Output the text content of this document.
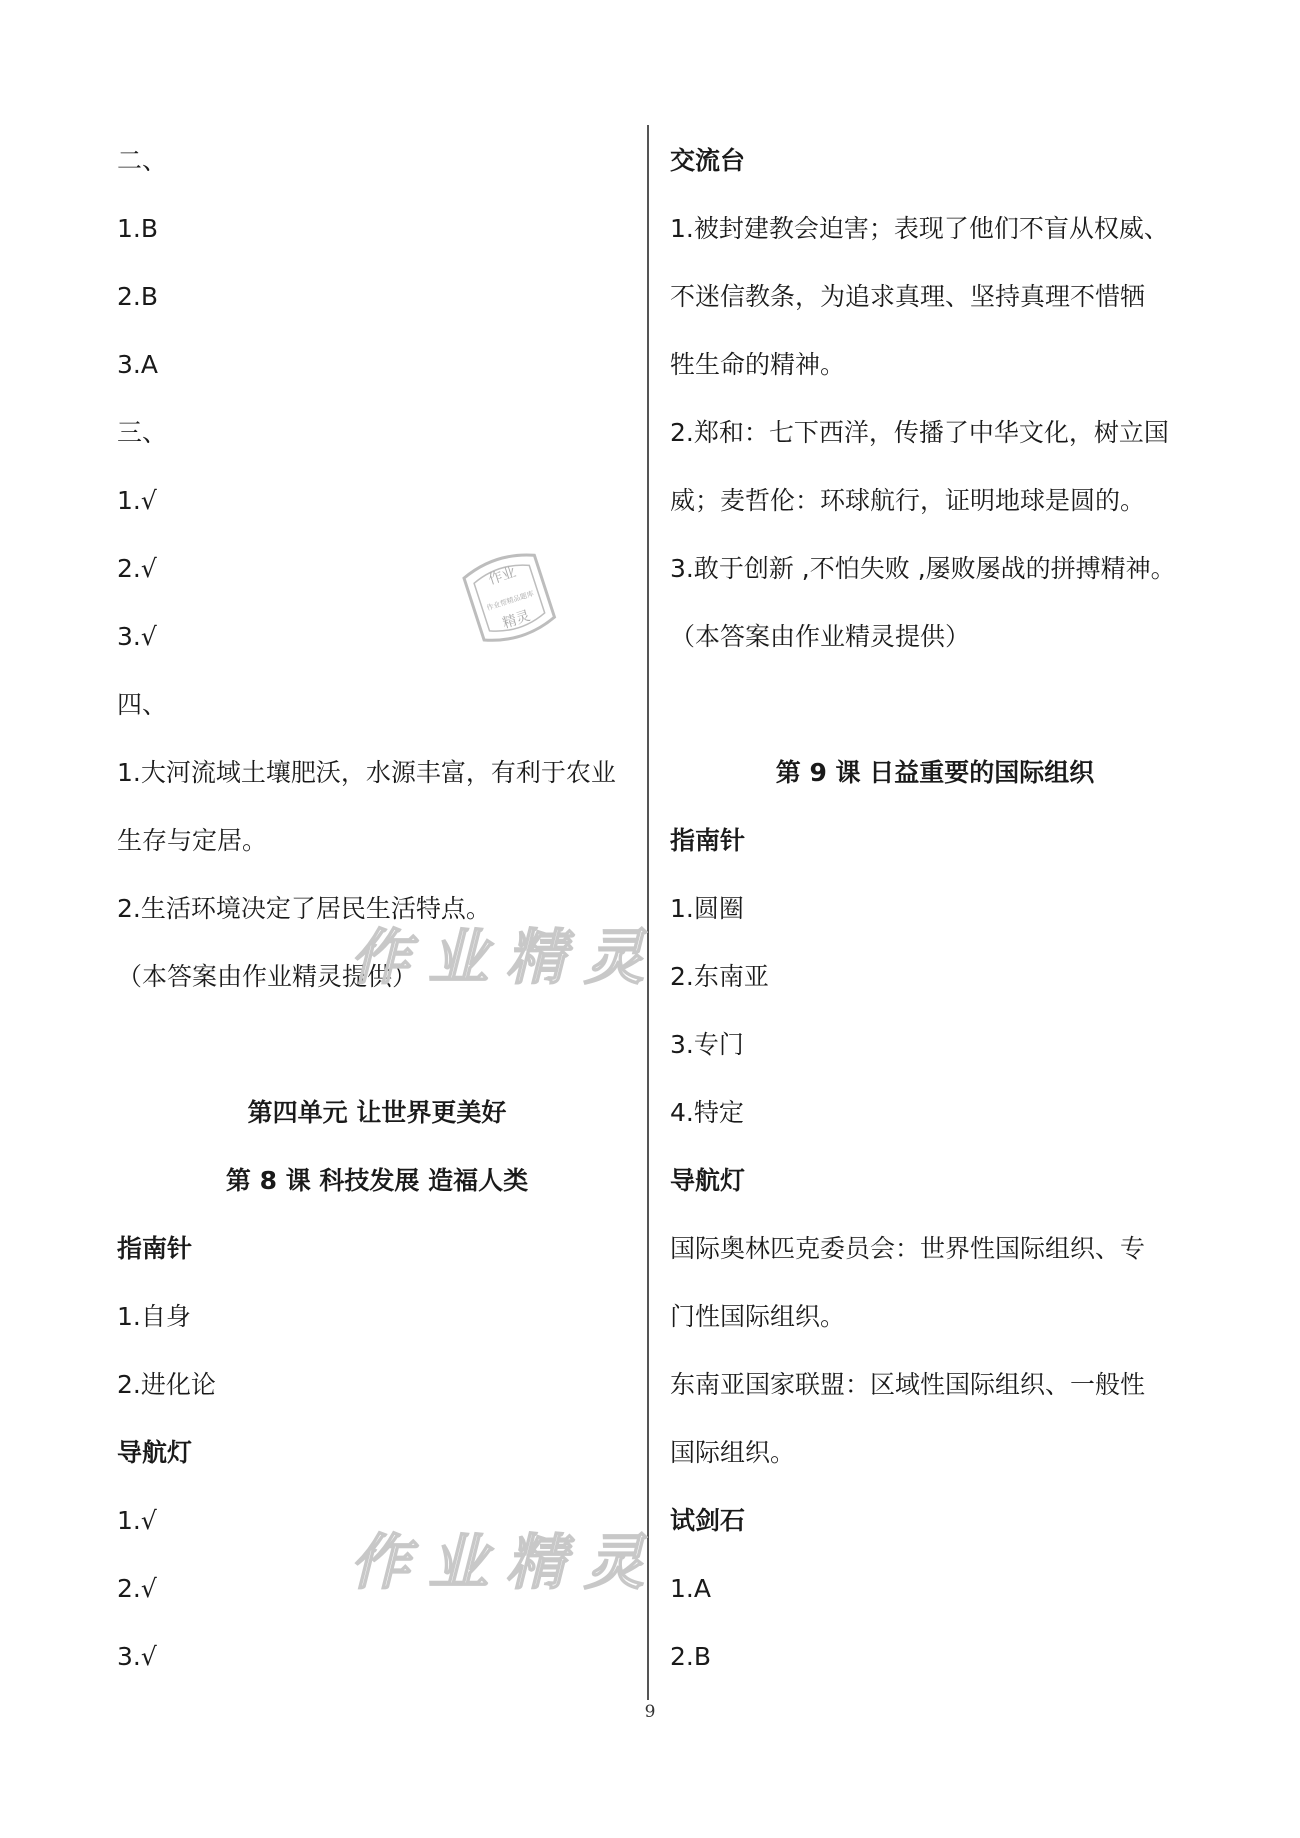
二、
1.B
2.B
3.A
三、
1.√
2.√
3.√
四、
1.大河流域土壤肥沃，水源丰富，有利于农业
生存与定居。
2.生活环境决定了居民生活特点。
（本答案由作业精灵提供）
第四单元 让世界更美好
第 8 课 科技发展 造福人类
指南针
1.自身
2.进化论
导航灯
1.√
2.√
3.√
交流台
1.被封建教会迫害；表现了他们不盲从权威、
不迷信教条，为追求真理、坚持真理不惜牺
牲生命的精神。
2.郑和：七下西洋，传播了中华文化，树立国
威；麦哲伦：环球航行，证明地球是圆的。
3.敢于创新 ,不怕失败 ,屡败屡战的拼搏精神。
（本答案由作业精灵提供）
第 9 课 日益重要的国际组织
指南针
1.圆圈
2.东南亚
3.专门
4.特定
导航灯
国际奥林匹克委员会：世界性国际组织、专
门性国际组织。
东南亚国家联盟：区域性国际组织、一般性
国际组织。
试剑石
1.A
2.B
作业精灵
作业精灵
作业
作业帮精品题库
精灵
9
